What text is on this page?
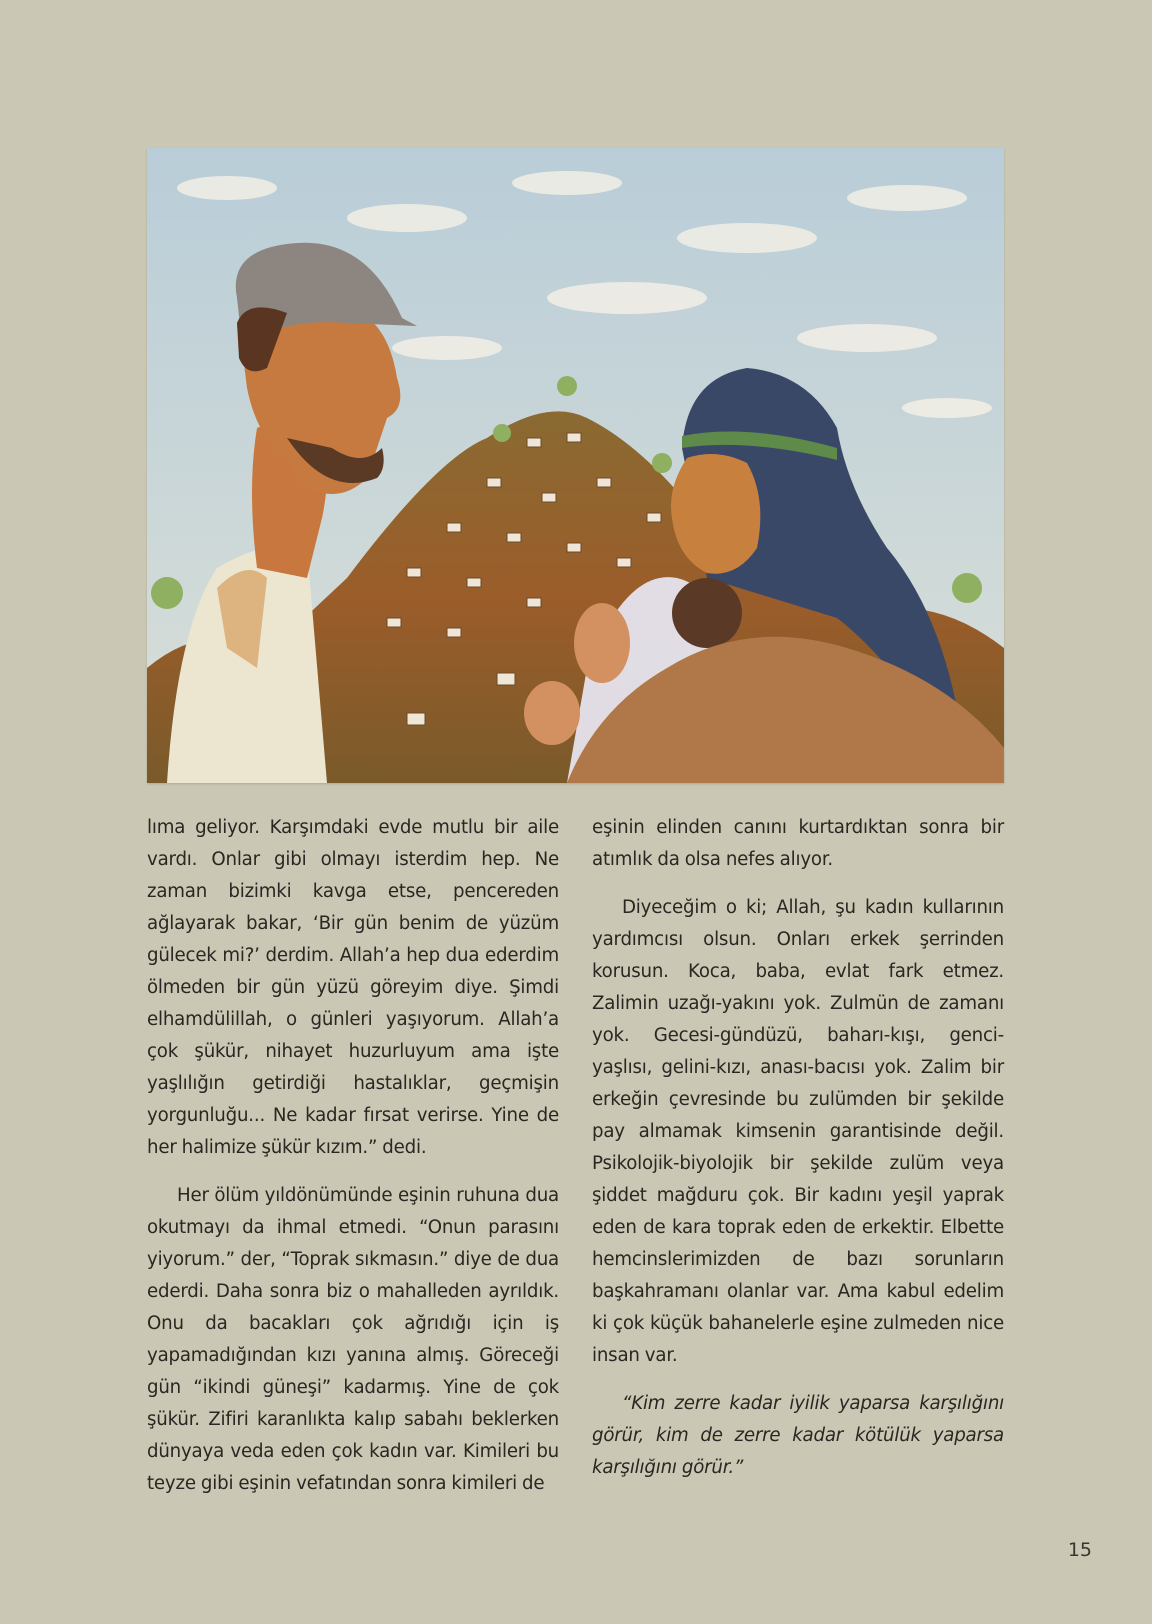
lıma geliyor. Karşımdaki evde mutlu bir aile vardı. Onlar gibi olmayı isterdim hep. Ne zaman bizimki kavga etse, pencereden ağlayarak bakar, ‘Bir gün benim de yüzüm gülecek mi?’ derdim. Allah’a hep dua ederdim ölmeden bir gün yüzü göreyim diye. Şimdi elhamdülillah, o günleri yaşıyorum. Allah’a çok şükür, nihayet huzurluyum ama işte yaşlılığın getirdiği hastalıklar, geçmişin yorgunluğu... Ne kadar fırsat verirse. Yine de her halimize şükür kızım.” dedi.

Her ölüm yıldönümünde eşinin ruhuna dua okutmayı da ihmal etmedi. “Onun parasını yiyorum.” der, “Toprak sıkmasın.” diye de dua ederdi. Daha sonra biz o mahalleden ayrıldık. Onu da bacakları çok ağrıdığı için iş yapamadığından kızı yanına almış. Göreceği gün “ikindi güneşi” kadarmış. Yine de çok şükür. Zifiri karanlıkta kalıp sabahı beklerken dünyaya veda eden çok kadın var. Kimileri bu teyze gibi eşinin vefatından sonra kimileri de

eşinin elinden canını kurtardıktan sonra bir atımlık da olsa nefes alıyor.

Diyeceğim o ki; Allah, şu kadın kullarının yardımcısı olsun. Onları erkek şerrinden korusun. Koca, baba, evlat fark etmez. Zalimin uzağı-yakını yok. Zulmün de zamanı yok. Gecesi-gündüzü, baharı-kışı, genci-yaşlısı, gelini-kızı, anası-bacısı yok. Zalim bir erkeğin çevresinde bu zulümden bir şekilde pay almamak kimsenin garantisinde değil. Psikolojik-biyolojik bir şekilde zulüm veya şiddet mağduru çok. Bir kadını yeşil yaprak eden de kara toprak eden de erkektir. Elbette hemcinslerimizden de bazı sorunların başkahramanı olanlar var. Ama kabul edelim ki çok küçük bahanelerle eşine zulmeden nice insan var.

“Kim zerre kadar iyilik yaparsa karşılığını görür, kim de zerre kadar kötülük yaparsa karşılığını görür.”

15
